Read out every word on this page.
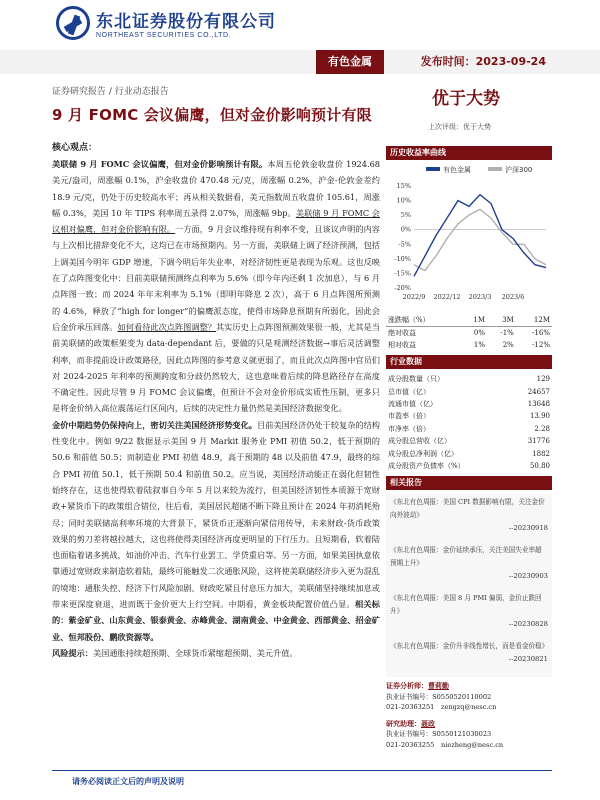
东北证券股份有限公司
NORTHEAST SECURITIES CO.,LTD.
有色金属	发布时间：2023-09-24
证券研究报告 / 行业动态报告	优于大势
9 月 FOMC 会议偏鹰，但对金价影响预计有限
上次评级：优于大势
核心观点：

美联储 9 月 FOMC 会议偏鹰，但对金价影响预计有限。本周五伦敦金收盘价 1924.68 美元/盎司，周涨幅 0.1%，沪金收盘价 470.48 元/克，周涨幅 0.2%，沪金-伦敦金差约 18.9 元/克，仍处于历史较高水平；再从相关数据看，美元指数周五收盘价 105.61，周涨幅 0.3%，美国 10 年 TIPS 利率周五录得 2.07%，周涨幅 9bp。美联储 9 月 FOMC 会议相对偏鹰，但对金价影响有限。一方面，9 月会议维持现有利率不变，且该议声明的内容与上次相比措辞变化不大，这均已在市场预期内。另一方面，美联储上调了经济预测，包括上调美国今明年 GDP 增速，下调今明后年失业率，对经济韧性更是表现为乐观。这也反映在了点阵图变化中：目前美联储预测终点利率为 5.6%（即今年内还剩 1 次加息），与 6 月点阵图一致；而 2024 年年末利率为 5.1%（即明年降息 2 次），高于 6 月点阵图所预测的 4.6%，释放了“high for longer”的偏鹰派态度，使得市场降息预期有所弱化，因此会后金价承压回落。如何看待此次点阵图调整？其实历史上点阵图预测效果很一般，尤其是当前美联储的政策框架变为 data-dependant 后，要做的只是观测经济数据→事后灵活调整利率，而非提前设计政策路径，因此点阵图的参考意义就更弱了，而且此次点阵图中官员们对 2024-2025 年利率的预测跨度和分歧仍然较大，这也意味着后续的降息路径存在高度不确定性。因此尽管 9 月 FOMC 会议偏鹰，但预计不会对金价形成实质性压制，更多只是将金价纳入高位震荡运行区间内，后续的决定性力量仍然是美国经济数据变化。

金价中期趋势仍保持向上，密切关注美国经济形势变化。目前美国经济仍处于较复杂的结构性变化中。例如 9/22 数据显示美国 9 月 Markit 服务业 PMI 初值 50.2，低于预期的 50.6 和前值 50.5；而制造业 PMI 初值 48.9，高于预期的 48 以及前值 47.9，最终的综合 PMI 初值 50.1，低于预期 50.4 和前值 50.2。应当说，美国经济动能正在弱化但韧性始终存在，这也使得软着陆叙事自今年 5 月以来较为流行，但美国经济韧性本质源于宽财政+紧货币下的政策组合错位，往后看，美国居民超储不断下降且预计在 2024 年初消耗殆尽；同时美联储高利率环境的大背景下，紧货币正逐渐向紧信用传导，未来财政-货币政策效果的剪刀差将越拉越大，这也将使得美国经济再度更明显的下行压力。且短期看，软着陆也面临着诸多挑战，如油价冲击、汽车行业罢工、学贷重启等。另一方面，如果美国执意依靠通过宽财政来制造软着陆，最终可能触发二次通胀风险，这将使美联储经济步入更为混乱的境地：通胀失控、经济下行风险加剧、财政吃紧且付息压力加大，美联储坚持继续加息或带来更深度衰退，进而既于金价更大上行空间。中期看，黄金板块配置价值凸显。相关标的：紫金矿业、山东黄金、银泰黄金、赤峰黄金、湖南黄金、中金黄金、西部黄金、招金矿业、恒邦股份、鹏欣资源等。

风险提示：美国通胀持续超预期、全球货币紧缩超预期、美元升值。

历史收益率曲线
有色金属	沪深300
15%
10%
5%
0%
-5%
-10%
-15%
-20%
2022/9 2022/12 2023/3 2023/6
涨跌幅（%）	1M	3M	12M
绝对收益	0%	-1%	-16%
相对收益	1%	2%	-12%
行业数据
成分股数量（只）	129
总市值（亿）	24657
流通市值（亿）	13648
市盈率（倍）	13.90
市净率（倍）	2.28
成分股总营收（亿）	31776
成分股总净利润（亿）	1882
成分股资产负债率（%）	50.80
相关报告
《东北有色周报：美国 CPI 数据影响有限，关注金价向外波动》
--20230918
《东北有色周报：金价延续承压，关注美国失业率超预期上升》
--20230903
《东北有色周报：美国 8 月 PMI 偏弱，金价止跌回升》
--20230828
《东北有色周报：金价升非线性增长，而是看金价稳》
--20230821
证券分析师：曹莉勤
执业证书编号：S0550520110002
021-20363251　zengzq@nesc.cn
研究助理：聂政
执业证书编号：S0550121030023
021-20363255　niezheng@nesc.cn
请务必阅读正文后的声明及说明
